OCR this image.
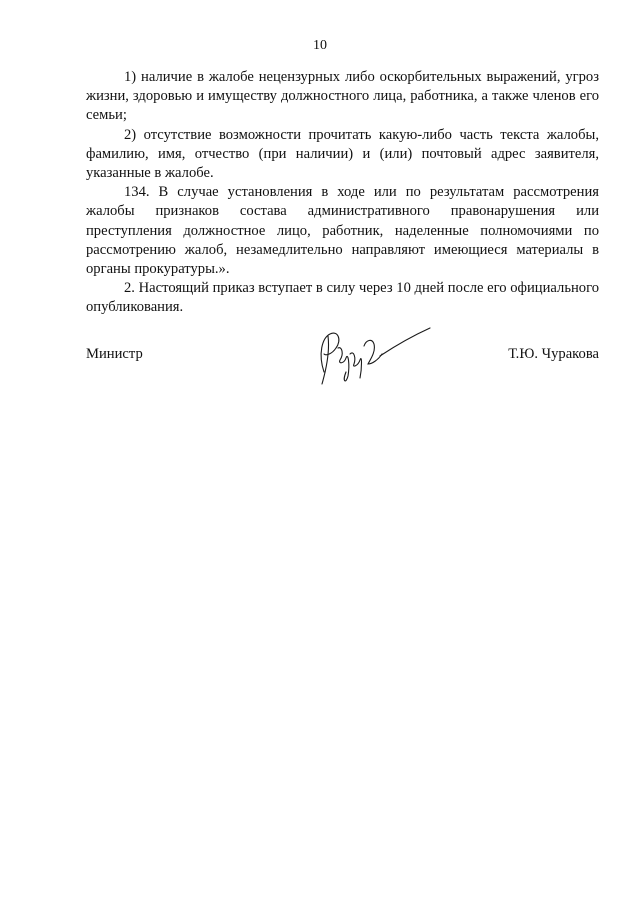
10

1) наличие в жалобе нецензурных либо оскорбительных выражений, угроз жизни, здоровью и имуществу должностного лица, работника, а также членов его семьи;

2) отсутствие возможности прочитать какую-либо часть текста жалобы, фамилию, имя, отчество (при наличии) и (или) почтовый адрес заявителя, указанные в жалобе.

134. В случае установления в ходе или по результатам рассмотрения жалобы признаков состава административного правонарушения или преступления должностное лицо, работник, наделенные полномочиями по рассмотрению жалоб, незамедлительно направляют имеющиеся материалы в органы прокуратуры.».

2. Настоящий приказ вступает в силу через 10 дней после его официального опубликования.

Министр	Т.Ю. Чуракова
